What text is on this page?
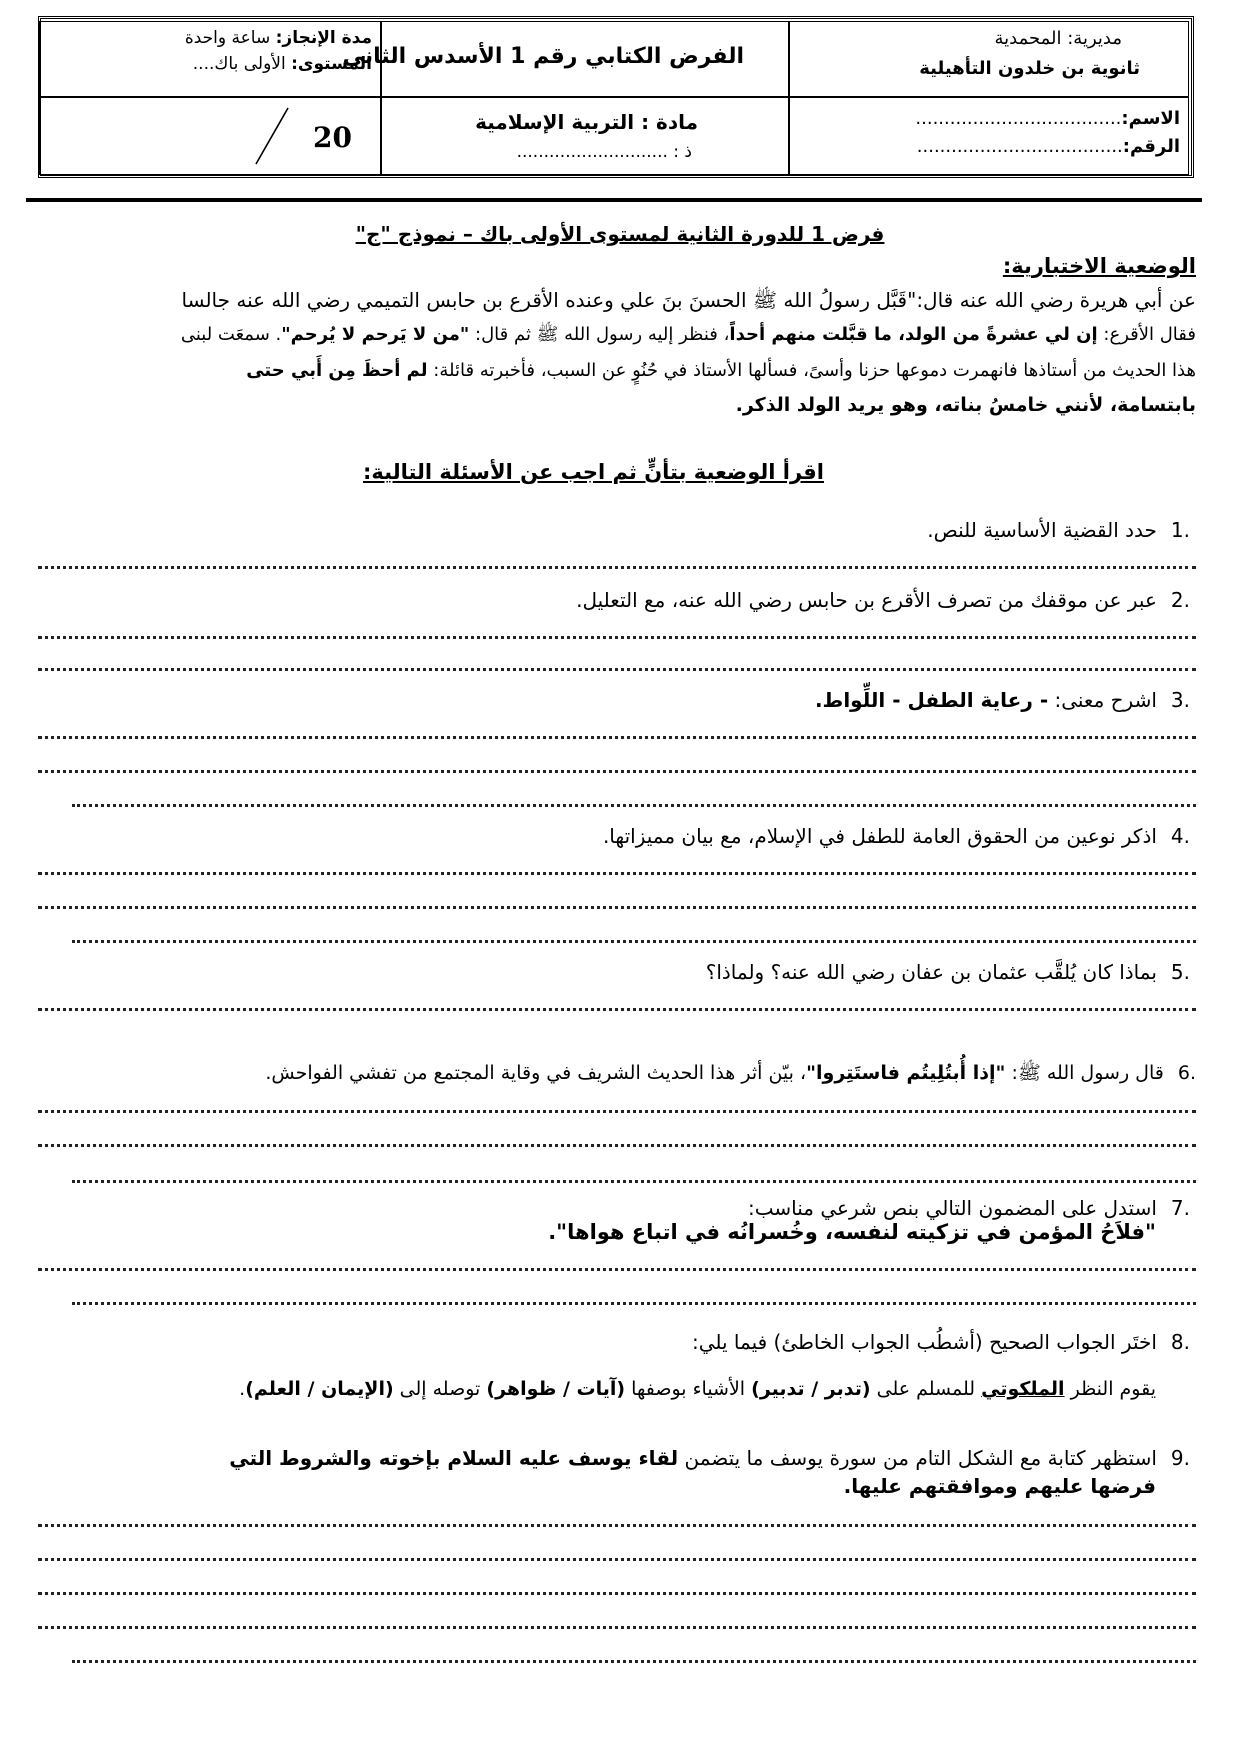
مديرية: المحمدية
ثانوية بن خلدون التأهيلية
الفرض الكتابي رقم 1 الأسدس الثاني
مدة الإنجاز: ساعة واحدة
المستوى: الأولى باك....
الاسم:....................................
الرقم:....................................
مادة : التربية الإسلامية
ذ : ............................
20
فرض 1 للدورة الثانية لمستوى الأولى باك – نموذج "ج"
الوضعية الاختبارية:
عن أبي هريرة رضي الله عنه قال:"قَبَّل رسولُ الله ﷺ الحسنَ بنَ علي وعنده الأقرع بن حابس التميمي رضي الله عنه جالسا
فقال الأقرع: إن لي عشرةً من الولد، ما قبَّلت منهم أحداً، فنظر إليه رسول الله ﷺ ثم قال: "من لا يَرحم لا يُرحم". سمعَت لبنى
هذا الحديث من أستاذها فانهمرت دموعها حزنا وأسىً، فسألها الأستاذ في حُنُوٍ عن السبب، فأخبرته قائلة: لم أحظَ مِن أَبي حتى
بابتسامة، لأنني خامسُ بناته، وهو يريد الولد الذكر.
اقرأ الوضعية بتأنٍّ ثم اجب عن الأسئلة التالية:
.1حدد القضية الأساسية للنص.
.2عبر عن موقفك من تصرف الأقرع بن حابس رضي الله عنه، مع التعليل.
.3اشرح معنى: - رعاية الطفل - اللِّواط.
.4اذكر نوعين من الحقوق العامة للطفل في الإسلام، مع بيان مميزاتها.
.5بماذا كان يُلقَّب عثمان بن عفان رضي الله عنه؟ ولماذا؟
.6قال رسول الله ﷺ: "إذا أُبتُلِيتُم فاستَتِروا"، بيّن أثر هذا الحديث الشريف في وقاية المجتمع من تفشي الفواحش.
.7استدل على المضمون التالي بنص شرعي مناسب:
"فلاَحُ المؤمن في تزكيته لنفسه، وخُسرانُه في اتباع هواها".
.8اختَر الجواب الصحيح (أشطُب الجواب الخاطئ) فيما يلي:
يقوم النظر الملكوتي للمسلم على (تدبر / تدبير) الأشياء بوصفها (آيات / ظواهر) توصله إلى (الإيمان / العلم).
.9استظهر كتابة مع الشكل التام من سورة يوسف ما يتضمن لقاء يوسف عليه السلام بإخوته والشروط التي
فرضها عليهم وموافقتهم عليها.
